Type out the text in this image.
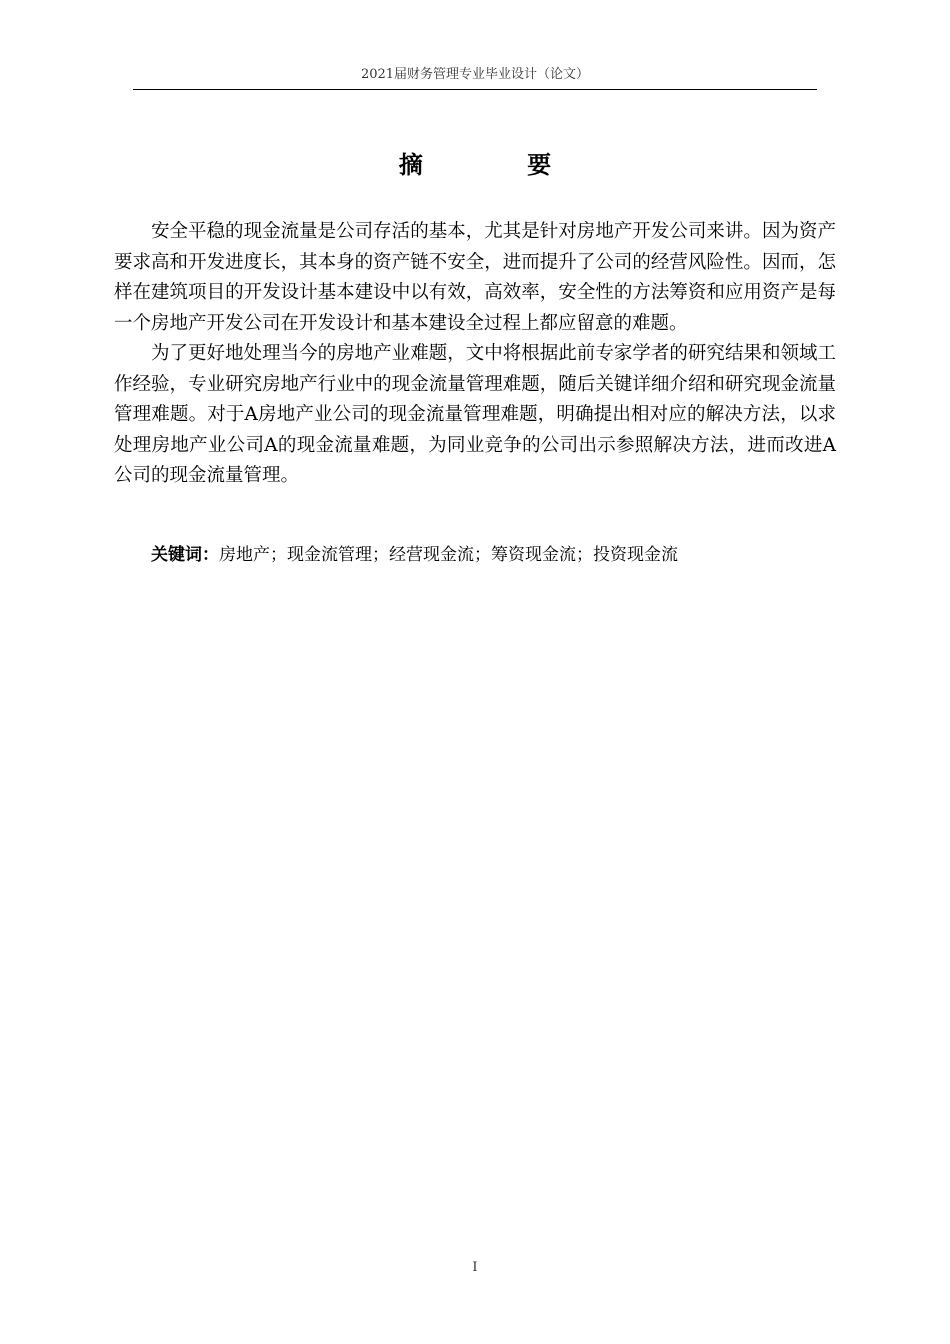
2021届财务管理专业毕业设计（论文）
摘 要

安全平稳的现金流量是公司存活的基本，尤其是针对房地产开发公司来讲。因为资产要求高和开发进度长，其本身的资产链不安全，进而提升了公司的经营风险性。因而，怎样在建筑项目的开发设计基本建设中以有效，高效率，安全性的方法筹资和应用资产是每一个房地产开发公司在开发设计和基本建设全过程上都应留意的难题。

为了更好地处理当今的房地产业难题，文中将根据此前专家学者的研究结果和领域工作经验，专业研究房地产行业中的现金流量管理难题，随后关键详细介绍和研究现金流量管理难题。对于A房地产业公司的现金流量管理难题，明确提出相对应的解决方法，以求处理房地产业公司A的现金流量难题，为同业竞争的公司出示参照解决方法，进而改进A公司的现金流量管理。

关键词：房地产；现金流管理；经营现金流；筹资现金流；投资现金流
I
